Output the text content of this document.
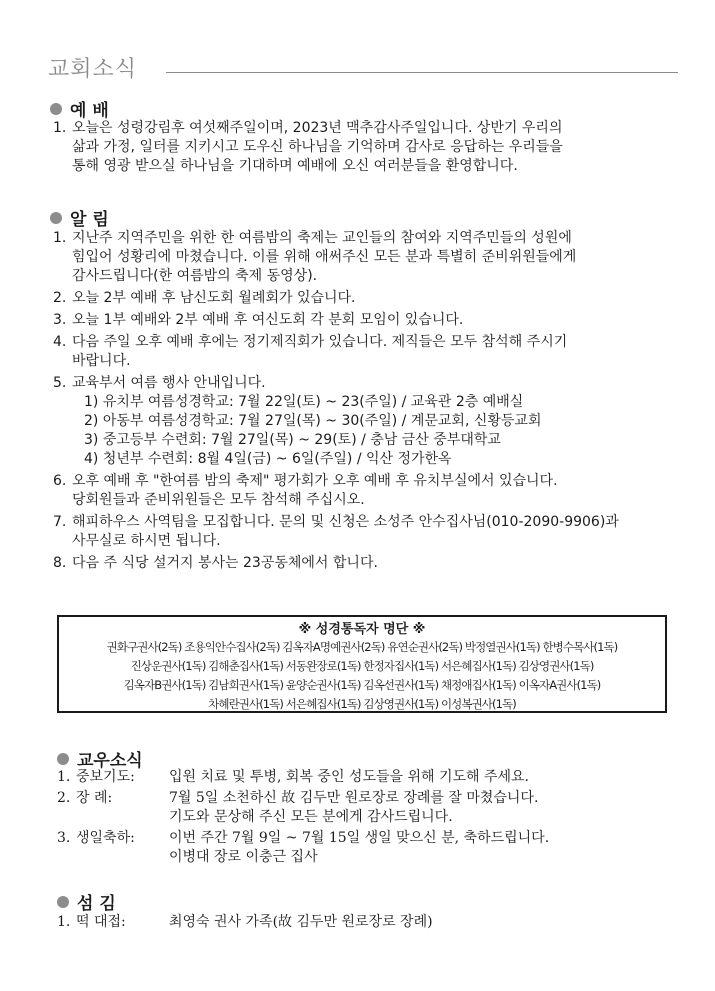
교회소식
예 배
1. 오늘은 성령강림후 여섯째주일이며, 2023년 맥추감사주일입니다. 상반기 우리의
삶과 가정, 일터를 지키시고 도우신 하나님을 기억하며 감사로 응답하는 우리들을
통해 영광 받으실 하나님을 기대하며 예배에 오신 여러분들을 환영합니다.
알 림
1. 지난주 지역주민을 위한 한 여름밤의 축제는 교인들의 참여와 지역주민들의 성원에
힘입어 성황리에 마쳤습니다. 이를 위해 애써주신 모든 분과 특별히 준비위원들에게
감사드립니다(한 여름밤의 축제 동영상).
2. 오늘 2부 예배 후 남신도회 월례회가 있습니다.
3. 오늘 1부 예배와 2부 예배 후 여신도회 각 분회 모임이 있습니다.
4. 다음 주일 오후 예배 후에는 정기제직회가 있습니다. 제직들은 모두 참석해 주시기
바랍니다.
5. 교육부서 여름 행사 안내입니다.
1) 유치부 여름성경학교: 7월 22일(토) ~ 23(주일) / 교육관 2층 예배실
2) 아동부 여름성경학교: 7월 27일(목) ~ 30(주일) / 계문교회, 신황등교회
3) 중고등부 수련회: 7월 27일(목) ~ 29(토) / 충남 금산 중부대학교
4) 청년부 수련회: 8월 4일(금) ~ 6일(주일) / 익산 정가한옥
6. 오후 예배 후 "한여름 밤의 축제" 평가회가 오후 예배 후 유치부실에서 있습니다.
당회원들과 준비위원들은 모두 참석해 주십시오.
7. 해피하우스 사역팀을 모집합니다. 문의 및 신청은 소성주 안수집사님(010-2090-9906)과
사무실로 하시면 됩니다.
8. 다음 주 식당 설거지 봉사는 23공동체에서 합니다.
※ 성경통독자 명단 ※
권화구권사(2독) 조용익안수집사(2독) 김옥자A명예권사(2독) 유연순권사(2독) 박정열권사(1독) 한병수목사(1독)
진상운권사(1독) 김해춘집사(1독) 서동완장로(1독) 한정자집사(1독) 서은혜집사(1독) 김상영권사(1독)
김옥자B권사(1독) 김남희권사(1독) 윤양순권사(1독) 김옥선권사(1독) 채정애집사(1독) 이옥자A권사(1독)
차혜란권사(1독) 서은혜집사(1독) 김상영권사(1독) 이성복권사(1독)
교우소식
1. 중보기도:	입원 치료 및 투병, 회복 중인 성도들을 위해 기도해 주세요.
2. 장 례:	7월 5일 소천하신 故 김두만 원로장로 장례를 잘 마쳤습니다.
기도와 문상해 주신 모든 분에게 감사드립니다.
3. 생일축하:	이번 주간 7월 9일 ~ 7월 15일 생일 맞으신 분, 축하드립니다.
이병대 장로 이충근 집사
섬 김
1. 떡 대접:	최영숙 권사 가족(故 김두만 원로장로 장례)
